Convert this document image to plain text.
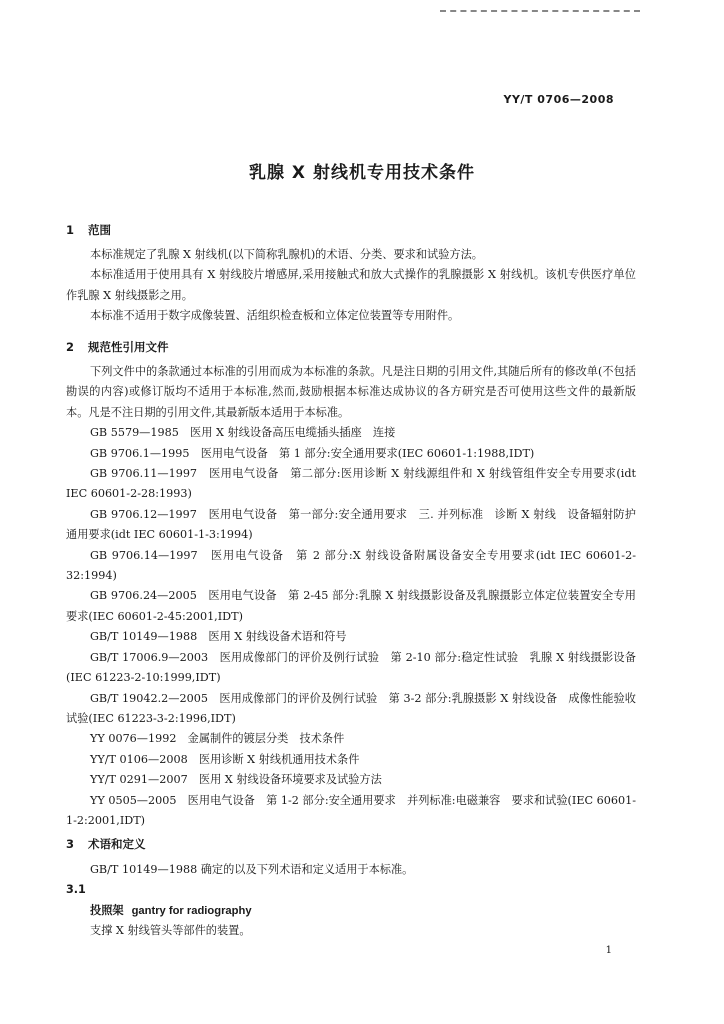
YY/T 0706—2008
乳腺 X 射线机专用技术条件
1 范围

本标准规定了乳腺 X 射线机(以下简称乳腺机)的术语、分类、要求和试验方法。

本标准适用于使用具有 X 射线胶片增感屏,采用接触式和放大式操作的乳腺摄影 X 射线机。该机专供医疗单位作乳腺 X 射线摄影之用。

本标准不适用于数字成像装置、活组织检查板和立体定位装置等专用附件。

2 规范性引用文件

下列文件中的条款通过本标准的引用而成为本标准的条款。凡是注日期的引用文件,其随后所有的修改单(不包括勘误的内容)或修订版均不适用于本标准,然而,鼓励根据本标准达成协议的各方研究是否可使用这些文件的最新版本。凡是不注日期的引用文件,其最新版本适用于本标准。

GB 5579—1985　医用 X 射线设备高压电缆插头插座　连接

GB 9706.1—1995　医用电气设备　第 1 部分:安全通用要求(IEC 60601-1:1988,IDT)

GB 9706.11—1997　医用电气设备　第二部分:医用诊断 X 射线源组件和 X 射线管组件安全专用要求(idt IEC 60601-2-28:1993)

GB 9706.12—1997　医用电气设备　第一部分:安全通用要求　三. 并列标准　诊断 X 射线　设备辐射防护通用要求(idt IEC 60601-1-3:1994)

GB 9706.14—1997　医用电气设备　第 2 部分:X 射线设备附属设备安全专用要求(idt IEC 60601-2-32:1994)

GB 9706.24—2005　医用电气设备　第 2-45 部分:乳腺 X 射线摄影设备及乳腺摄影立体定位装置安全专用要求(IEC 60601-2-45:2001,IDT)

GB/T 10149—1988　医用 X 射线设备术语和符号

GB/T 17006.9—2003　医用成像部门的评价及例行试验　第 2-10 部分:稳定性试验　乳腺 X 射线摄影设备(IEC 61223-2-10:1999,IDT)

GB/T 19042.2—2005　医用成像部门的评价及例行试验　第 3-2 部分:乳腺摄影 X 射线设备　成像性能验收试验(IEC 61223-3-2:1996,IDT)

YY 0076—1992　金属制件的镀层分类　技术条件

YY/T 0106—2008　医用诊断 X 射线机通用技术条件

YY/T 0291—2007　医用 X 射线设备环境要求及试验方法

YY 0505—2005　医用电气设备　第 1-2 部分:安全通用要求　并列标准:电磁兼容　要求和试验(IEC 60601-1-2:2001,IDT)

3 术语和定义

GB/T 10149—1988 确定的以及下列术语和定义适用于本标准。

3.1

投照架 gantry for radiography

支撑 X 射线管头等部件的装置。

1
